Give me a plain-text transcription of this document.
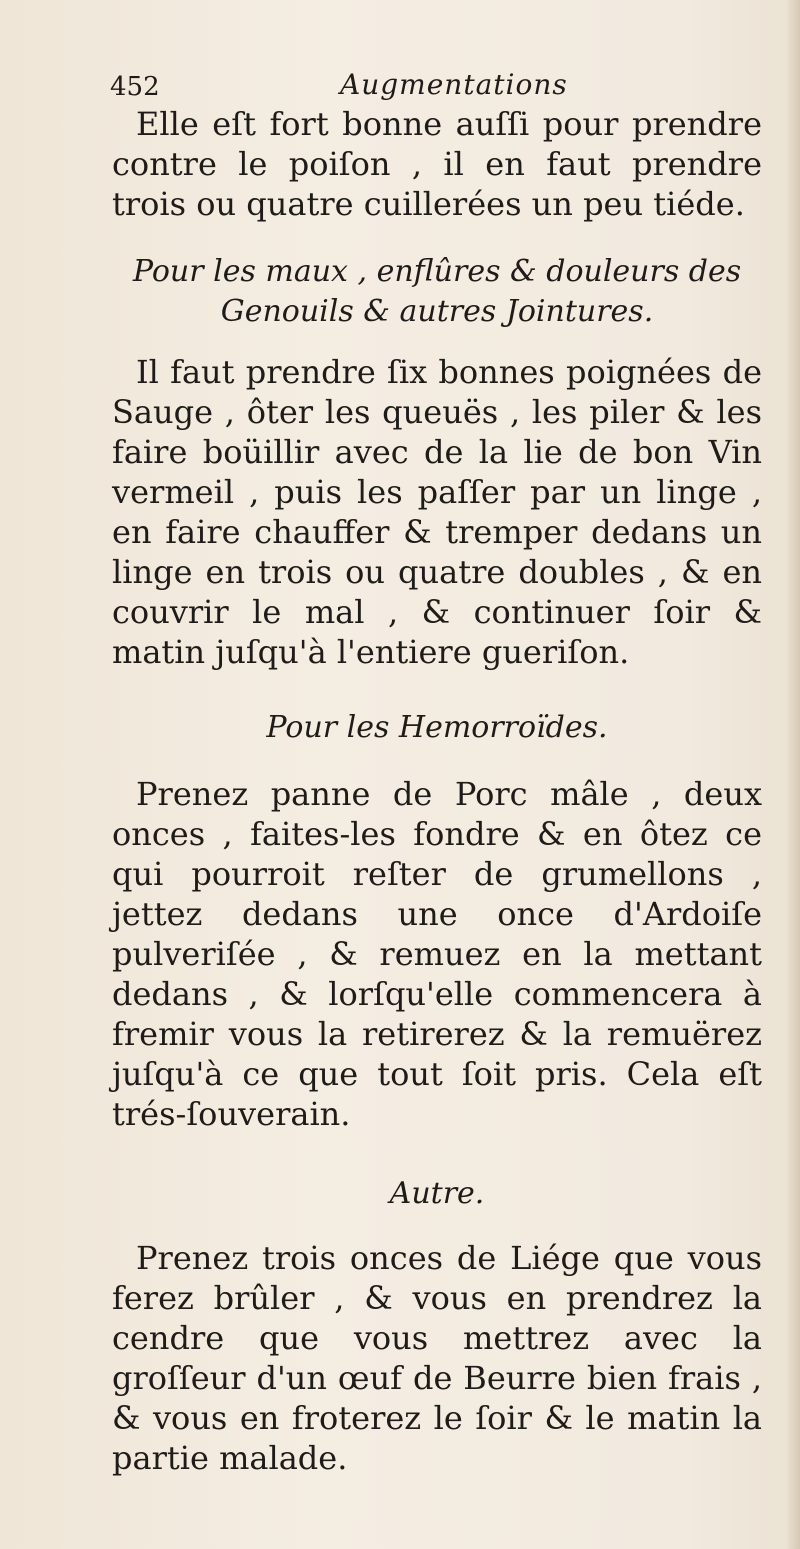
452	Augmentations

Elle eſt fort bonne auſſi pour prendre contre le poiſon , il en faut prendre trois ou quatre cuillerées un peu tiéde.

Pour les maux , enflûres & douleurs des Genouils & autres Jointures.

Il faut prendre ſix bonnes poignées de Sauge , ôter les queuës , les piler & les faire boüillir avec de la lie de bon Vin vermeil , puis les paſſer par un linge , en faire chauffer & tremper dedans un linge en trois ou quatre doubles , & en couvrir le mal , & continuer ſoir & matin juſqu'à l'entiere gueriſon.

Pour les Hemorroïdes.

Prenez panne de Porc mâle , deux onces , faites-les fondre & en ôtez ce qui pourroit reſter de grumellons , jettez dedans une once d'Ardoiſe pulveriſée , & remuez en la mettant dedans , & lorſqu'elle commencera à fremir vous la retirerez & la remuërez juſqu'à ce que tout ſoit pris. Cela eſt trés-ſouverain.

Autre.

Prenez trois onces de Liége que vous ferez brûler , & vous en prendrez la cendre que vous mettrez avec la groſſeur d'un œuf de Beurre bien frais , & vous en froterez le ſoir & le matin la partie malade.
